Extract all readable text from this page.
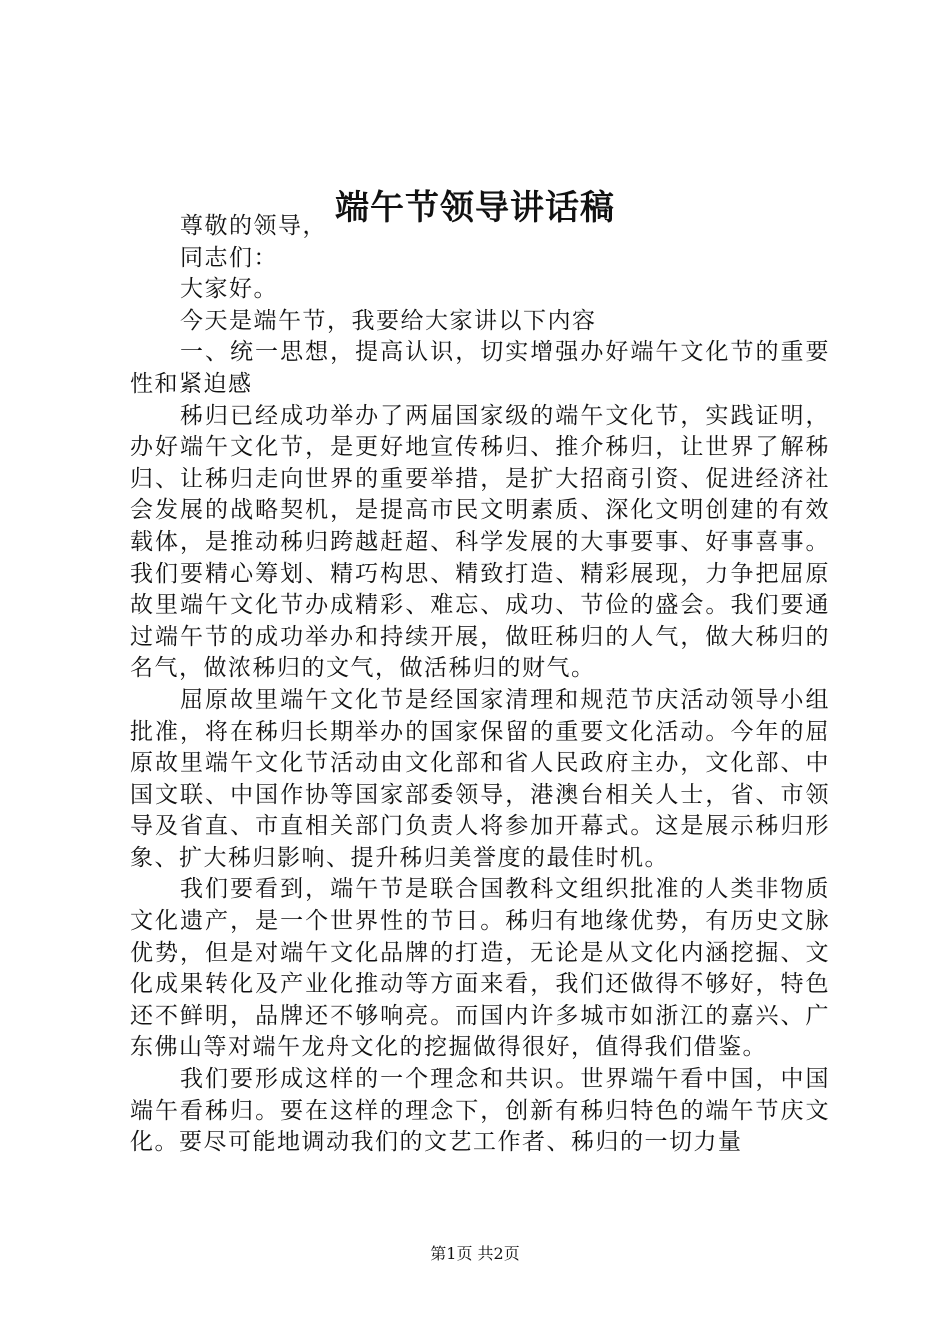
端午节领导讲话稿

尊敬的领导，

同志们：

大家好。

今天是端午节，我要给大家讲以下内容

一、统一思想，提高认识，切实增强办好端午文化节的重要性和紧迫感

秭归已经成功举办了两届国家级的端午文化节，实践证明，办好端午文化节，是更好地宣传秭归、推介秭归，让世界了解秭归、让秭归走向世界的重要举措，是扩大招商引资、促进经济社会发展的战略契机，是提高市民文明素质、深化文明创建的有效载体，是推动秭归跨越赶超、科学发展的大事要事、好事喜事。我们要精心筹划、精巧构思、精致打造、精彩展现，力争把屈原故里端午文化节办成精彩、难忘、成功、节俭的盛会。我们要通过端午节的成功举办和持续开展，做旺秭归的人气，做大秭归的名气，做浓秭归的文气，做活秭归的财气。

屈原故里端午文化节是经国家清理和规范节庆活动领导小组批准，将在秭归长期举办的国家保留的重要文化活动。今年的屈原故里端午文化节活动由文化部和省人民政府主办，文化部、中国文联、中国作协等国家部委领导，港澳台相关人士，省、市领导及省直、市直相关部门负责人将参加开幕式。这是展示秭归形象、扩大秭归影响、提升秭归美誉度的最佳时机。

我们要看到，端午节是联合国教科文组织批准的人类非物质文化遗产，是一个世界性的节日。秭归有地缘优势，有历史文脉优势，但是对端午文化品牌的打造，无论是从文化内涵挖掘、文化成果转化及产业化推动等方面来看，我们还做得不够好，特色还不鲜明，品牌还不够响亮。而国内许多城市如浙江的嘉兴、广东佛山等对端午龙舟文化的挖掘做得很好，值得我们借鉴。

我们要形成这样的一个理念和共识。世界端午看中国，中国端午看秭归。要在这样的理念下，创新有秭归特色的端午节庆文化。要尽可能地调动我们的文艺工作者、秭归的一切力量

第1页 共2页
